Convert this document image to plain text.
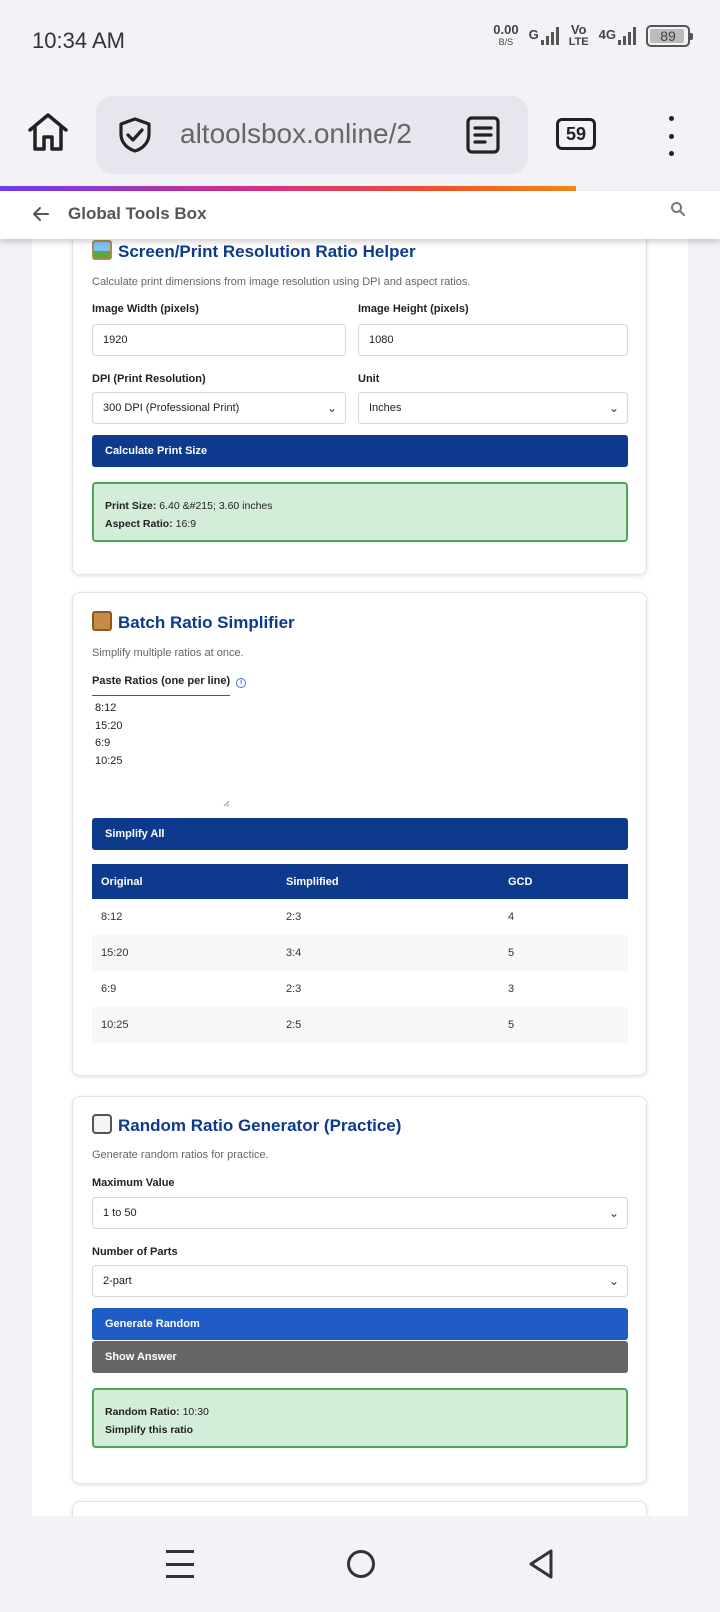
10:34 AM	0.00
B/S	G Vo
LTE 4G	89
altoolsbox.online/2	59
Global Tools Box
Screen/Print Resolution Ratio Helper
Calculate print dimensions from image resolution using DPI and aspect ratios.
Image Width (pixels)
1920
Image Height (pixels)
1080
DPI (Print Resolution)
300 DPI (Professional Print)	⌄
Unit
Inches	⌄
Calculate Print Size
Print Size: 6.40 &#215; 3.60 inches
Aspect Ratio: 16:9
Batch Ratio Simplifier
Simplify multiple ratios at once.
Paste Ratios (one per line) i
8:12
15:20
6:9
10:25
Simplify All
Original	Simplified	GCD
8:12	2:3	4
15:20	3:4	5
6:9	2:3	3
10:25	2:5	5
Random Ratio Generator (Practice)
Generate random ratios for practice.
Maximum Value
1 to 50	⌄
Number of Parts
2-part	⌄
Generate Random
Show Answer
Random Ratio: 10:30
Simplify this ratio
